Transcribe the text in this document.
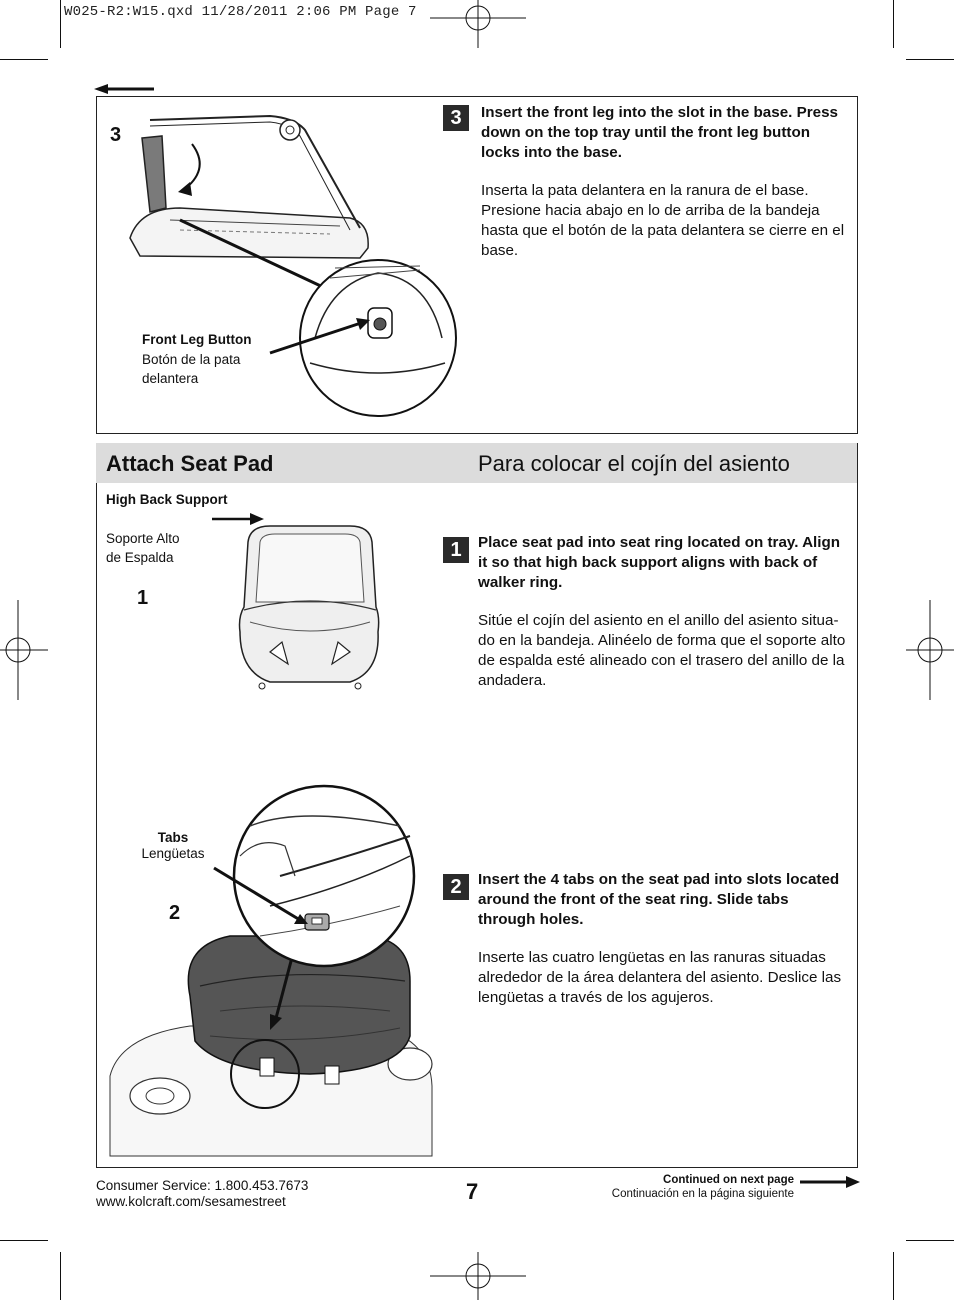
W025-R2:W15.qxd 11/28/2011 2:06 PM Page 7
3
Front Leg Button
Botón de la pata
delantera
3	Insert the front leg into the slot in the base. Press down on the top tray until the front leg button locks into the base.
Inserta la pata delantera en la ranura de el base. Presione hacia abajo en lo de arriba de la bandeja hasta que el botón de la pata delantera se cierre en el base.
Attach Seat Pad	Para colocar el cojín del asiento
High Back Support
Soporte Alto
de Espalda
1
1	Place seat pad into seat ring located on tray. Align it so that high back support aligns with back of walker ring.
Sitúe el cojín del asiento en el anillo del asiento situa-do en la bandeja. Alinéelo de forma que el soporte alto de espalda esté alineado con el trasero del anillo de la andadera.
Tabs
Lengüetas
2
2	Insert the 4 tabs on the seat pad into slots located around the front of the seat ring. Slide tabs through holes.
Inserte las cuatro lengüetas en las ranuras situadas alrededor de la área delantera del asiento. Deslice las lengüetas a través de los agujeros.
Consumer Service: 1.800.453.7673
www.kolcraft.com/sesamestreet	7	Continued on next page
Continuación en la página siguiente
